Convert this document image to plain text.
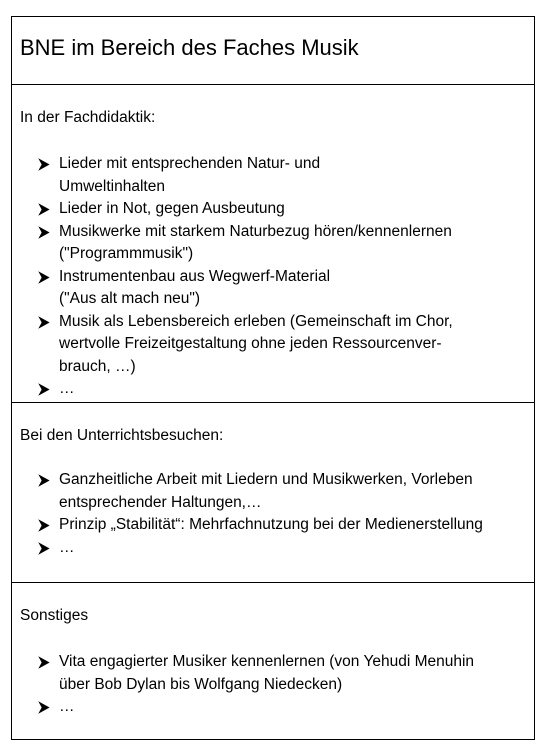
BNE im Bereich des Faches Musik
In der Fachdidaktik:
Lieder mit entsprechenden Natur- und
Umweltinhalten
Lieder in Not, gegen Ausbeutung
Musikwerke mit starkem Naturbezug hören/kennenlernen
("Programmmusik")
Instrumentenbau aus Wegwerf-Material
("Aus alt mach neu")
Musik als Lebensbereich erleben (Gemeinschaft im Chor,
wertvolle Freizeitgestaltung ohne jeden Ressourcenver-
brauch, …)
…
Bei den Unterrichtsbesuchen:
Ganzheitliche Arbeit mit Liedern und Musikwerken, Vorleben
entsprechender Haltungen,…
Prinzip „Stabilität“: Mehrfachnutzung bei der Medienerstellung
…
Sonstiges
Vita engagierter Musiker kennenlernen (von Yehudi Menuhin
über Bob Dylan bis Wolfgang Niedecken)
…
